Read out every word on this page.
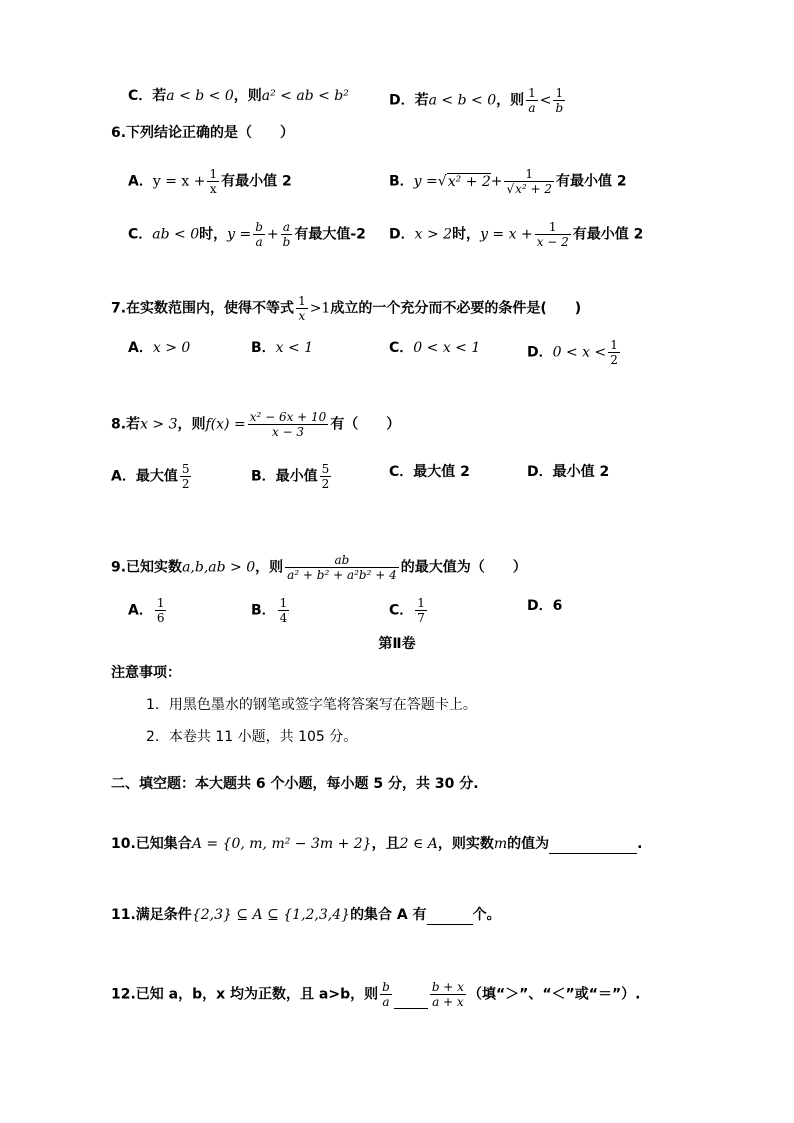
C．若a < b < 0，则a² < ab < b²	D．若a < b < 0，则 $\frac{1}{a} < \frac{1}{b}$
6.下列结论正确的是（　　）
A．$y = x + \frac{1}{x}$ 有最小值 2	B．$y =√x^2 + 2+ \frac{1}{\text{√x² + 2}}$ 有最小值 2
C．ab < 0时，$y = \frac{b}{a} + \frac{a}{b}$ 有最大值-2 D．x > 2时，$y = x + \frac{1}{x - 2}$ 有最小值 2
7.在实数范围内，使得不等式 $\frac{1}{x} >1$成立的一个充分而不必要的条件是(　　)
A．x > 0	B．x < 1	C．0 < x < 1	D．$0 < x < \frac{1}{2}$
8.若x > 3，则$f(x) = \frac{\text{x² − 6x + 10}}{x - 3}$ 有（　　）
A．最大值 $\frac{5}{2}$	B．最小值 $\frac{5}{2}$	C．最大值 2	D．最小值 2
9.已知实数a,b,ab > 0，则 $\frac{ab}{\text{a² + b² + a²b² + 4}}$ 的最大值为（　　）
A． $\frac{1}{6}$	B． $\frac{1}{4}$	C． $\frac{1}{7}$	D．6
第Ⅱ卷
注意事项：
1．用黑色墨水的钢笔或签字笔将答案写在答题卡上。
2．本卷共 11 小题，共 105 分。
二、填空题：本大题共 6 个小题，每小题 5 分，共 30 分.
10.已知集合A = {0, m, m² − 3m + 2}，且2 ∈ A，则实数m的值为	.
11.满足条件{2,3} ⊆ A ⊆ {1,2,3,4}的集合 A 有	个。
12.已知 a，b，x 均为正数，且 a>b，则 $\frac{b}{a}$	$\frac{b + x}{a + x}$ （填“＞”、“＜”或“＝”）.
